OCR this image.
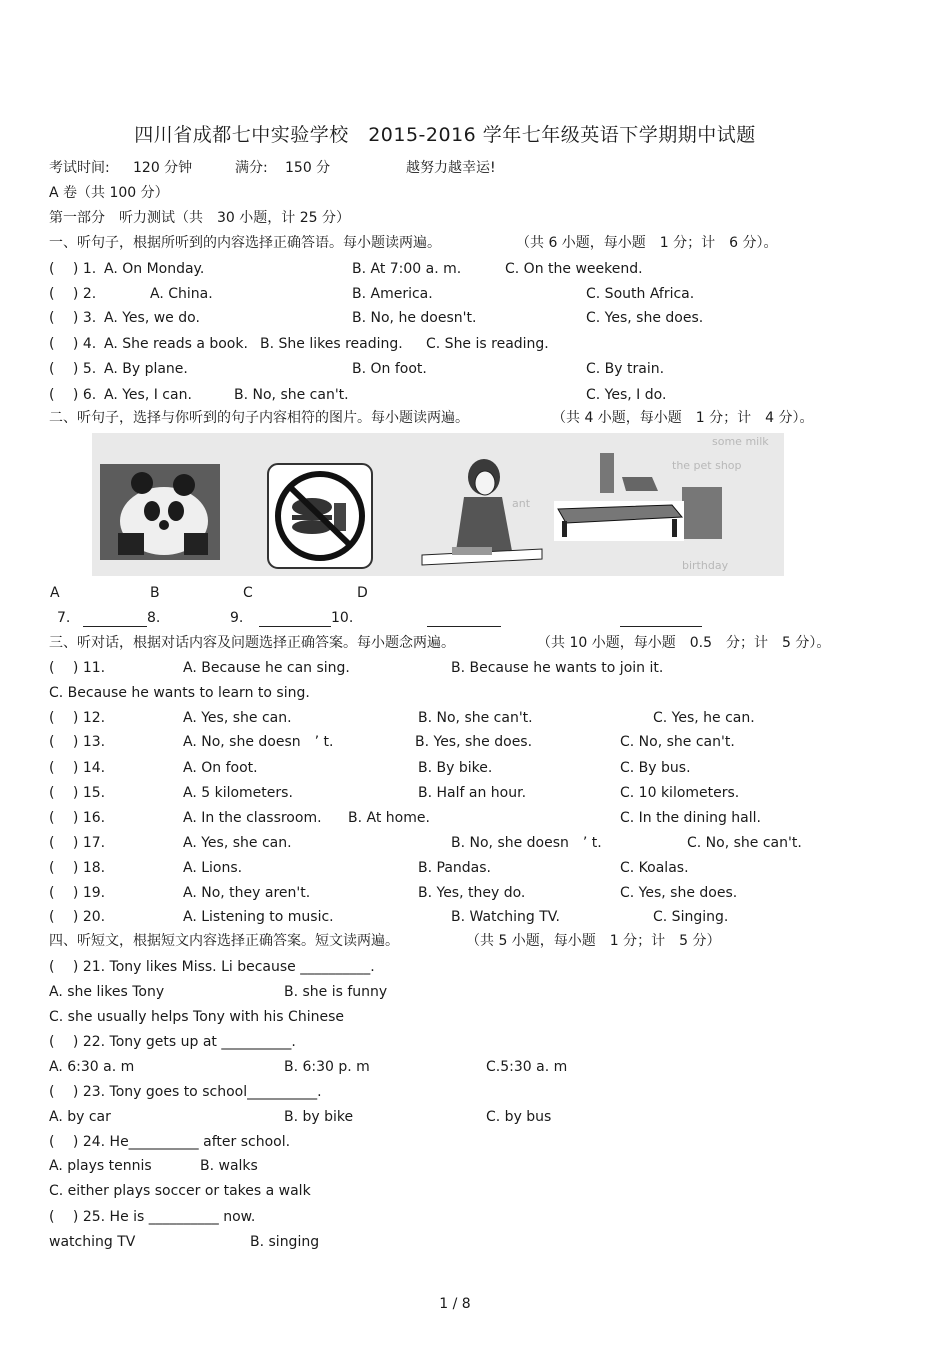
四川省成都七中实验学校　2015-2016 学年七年级英语下学期期中试题
考试时间: 120 分钟	满分: 150 分	越努力越幸运!
A 卷（共 100 分）
第一部分　听力测试（共　30 小题，计 25 分）
一、听句子，根据所听到的内容选择正确答语。每小题读两遍。	（共 6 小题，每小题　1 分；计　6 分）。
(　 ) 1. A. On Monday.	B. At 7:00 a. m.	C. On the weekend.
(　 ) 2.	A. China.	B. America.	C. South Africa.
(　 ) 3. A. Yes, we do.	B. No, he doesn't.	C. Yes, she does.
(　 ) 4. A. She reads a book. B. She likes reading. C. She is reading.
(　 ) 5. A. By plane.	B. On foot.	C. By train.
(　 ) 6. A. Yes, I can.	B. No, she can't.	C. Yes, I do.
二、听句子，选择与你听到的句子内容相符的图片。每小题读两遍。	（共 4 小题，每小题　1 分；计　4 分）。
some milk
the pet shop
ant
birthday
A	B	C	D
7.	8.	9.	10.
三、听对话，根据对话内容及问题选择正确答案。每小题念两遍。	（共 10 小题，每小题　0.5　分；计　5 分）。
(　 ) 11.	A. Because he can sing.	B. Because he wants to join it.
C. Because he wants to learn to sing.
(　 ) 12.	A. Yes, she can.	B. No, she can't.	C. Yes, he can.
(　 ) 13.	A. No, she doesn　’ t.	B. Yes, she does.	C. No, she can't.
(　 ) 14.	A. On foot.	B. By bike.	C. By bus.
(　 ) 15.	A. 5 kilometers.	B. Half an hour.	C. 10 kilometers.
(　 ) 16.	A. In the classroom. B. At home.	C. In the dining hall.
(　 ) 17.	A. Yes, she can.	B. No, she doesn　’ t.	C. No, she can't.
(　 ) 18.	A. Lions.	B. Pandas.	C. Koalas.
(　 ) 19.	A. No, they aren't.	B. Yes, they do.	C. Yes, she does.
(　 ) 20.	A. Listening to music.	B. Watching TV.	C. Singing.
四、听短文，根据短文内容选择正确答案。短文读两遍。	（共 5 小题，每小题　1 分；计　5 分）
(　 ) 21. Tony likes Miss. Li because __________.
A. she likes Tony	B. she is funny
C. she usually helps Tony with his Chinese
(　 ) 22. Tony gets up at __________.
A. 6:30 a. m	B. 6:30 p. m	C.5:30 a. m
(　 ) 23. Tony goes to school__________.
A. by car	B. by bike	C. by bus
(　 ) 24. He__________ after school.
A. plays tennis	B. walks
C. either plays soccer or takes a walk
(　 ) 25. He is __________ now.
watching TV	B. singing
1 / 8
